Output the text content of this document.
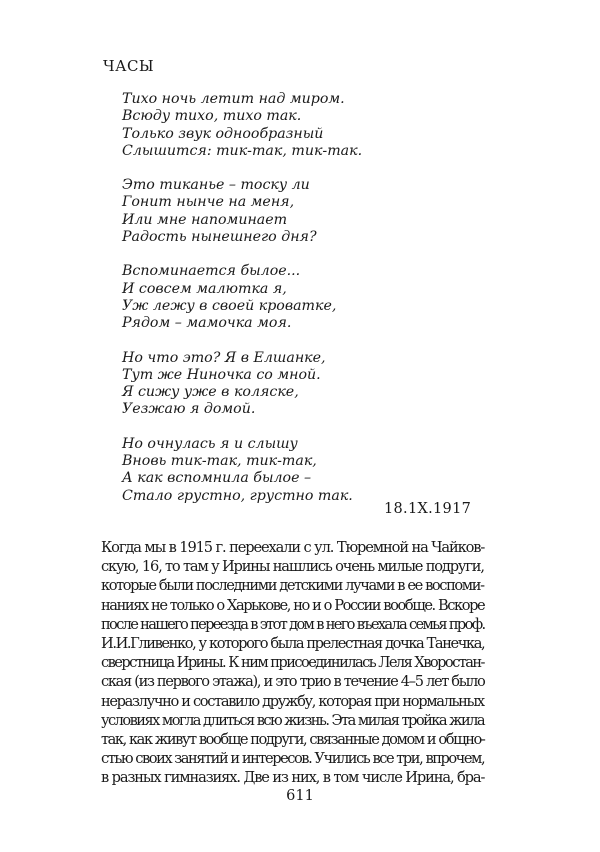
ЧАСЫ
Тихо ночь летит над миром.
Всюду тихо, тихо так.
Только звук однообразный
Слышится: тик-так, тик-так.
Это тиканье – тоску ли
Гонит нынче на меня,
Или мне напоминает
Радость нынешнего дня?
Вспоминается былое...
И совсем малютка я,
Уж лежу в своей кроватке,
Рядом – мамочка моя.
Но что это? Я в Елшанке,
Тут же Ниночка со мной.
Я сижу уже в коляске,
Уезжаю я домой.
Но очнулась я и слышу
Вновь тик-так, тик-так,
А как вспомнила былое –
Стало грустно, грустно так.
18.1Х.1917
Когда мы в 1915 г. переехали с ул. Тюремной на Чайков-
скую, 16, то там у Ирины нашлись очень милые подруги,
которые были последними детскими лучами в ее воспоми-
наниях не только о Харькове, но и о России вообще. Вскоре
после нашего переезда в этот дом в него въехала семья проф.
И.И.Гливенко, у которого была прелестная дочка Танечка,
сверстница Ирины. К ним присоединилась Леля Хворостан-
ская (из первого этажа), и это трио в течение 4–5 лет было
неразлучно и составило дружбу, которая при нормальных
условиях могла длиться всю жизнь. Эта милая тройка жила
так, как живут вообще подруги, связанные домом и общно-
стью своих занятий и интересов. Учились все три, впрочем,
в разных гимназиях. Две из них, в том числе Ирина, бра-
611
